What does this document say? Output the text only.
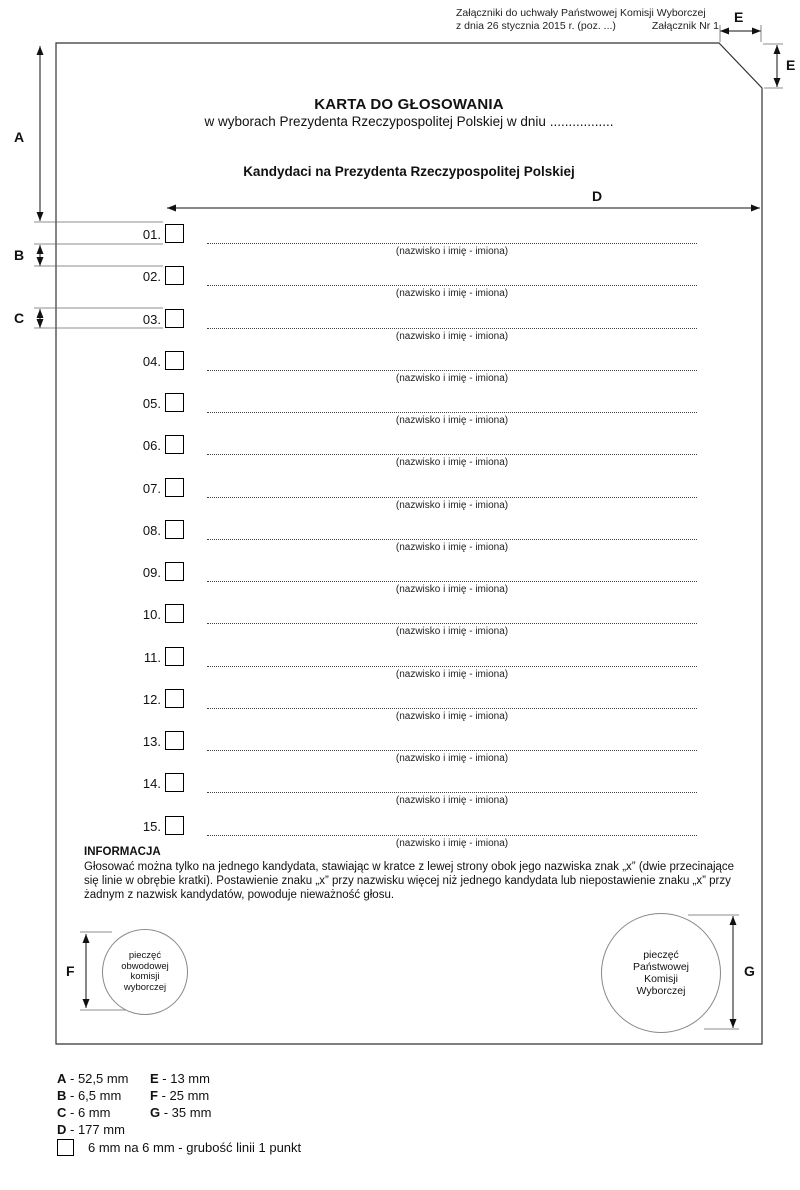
Załączniki do uchwały Państwowej Komisji Wyborczej
z dnia 26 stycznia 2015 r. (poz. ...)	Załącznik Nr 1
KARTA DO GŁOSOWANIA
w wyborach Prezydenta Rzeczypospolitej Polskiej w dniu .................
Kandydaci na Prezydenta Rzeczypospolitej Polskiej
A
B
C
D
E
E
F	G
01.
(nazwisko i imię - imiona)
02.
(nazwisko i imię - imiona)
03.
(nazwisko i imię - imiona)
04.
(nazwisko i imię - imiona)
05.
(nazwisko i imię - imiona)
06.
(nazwisko i imię - imiona)
07.
(nazwisko i imię - imiona)
08.
(nazwisko i imię - imiona)
09.
(nazwisko i imię - imiona)
10.
(nazwisko i imię - imiona)
11.
(nazwisko i imię - imiona)
12.
(nazwisko i imię - imiona)
13.
(nazwisko i imię - imiona)
14.
(nazwisko i imię - imiona)
15.
(nazwisko i imię - imiona)
INFORMACJA
Głosować można tylko na jednego kandydata, stawiając w kratce z lewej strony obok jego nazwiska znak „x” (dwie przecinające się linie w obrębie kratki). Postawienie znaku „x” przy nazwisku więcej niż jednego kandydata lub niepostawienie znaku „x” przy żadnym z nazwisk kandydatów, powoduje nieważność głosu.
pieczęć
obwodowej
komisji
wyborczej
pieczęć
Państwowej
Komisji
Wyborczej
A - 52,5 mm
B - 6,5 mm
C - 6 mm
D - 177 mm
E - 13 mm
F - 25 mm
G - 35 mm
6 mm na 6 mm - grubość linii 1 punkt
